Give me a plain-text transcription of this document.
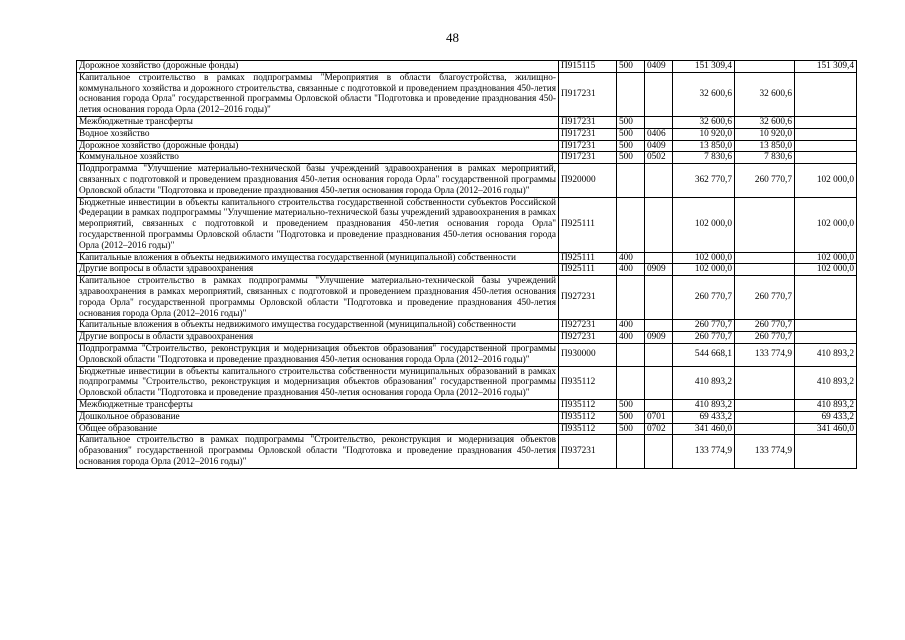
48
Дорожное хозяйство (дорожные фонды)	П915115	500	0409	151 309,4		151 309,4
Капитальное строительство в рамках подпрограммы "Мероприятия в области благоустройства, жилищно-коммунального хозяйства и дорожного строительства, связанные с подготовкой и проведением празднования 450-летия основания города Орла" государственной программы Орловской области "Подготовка и проведение празднования 450-летия основания города Орла (2012–2016 годы)"	П917231			32 600,6	32 600,6	
Межбюджетные трансферты	П917231	500		32 600,6	32 600,6	
Водное хозяйство	П917231	500	0406	10 920,0	10 920,0	
Дорожное хозяйство (дорожные фонды)	П917231	500	0409	13 850,0	13 850,0	
Коммунальное хозяйство	П917231	500	0502	7 830,6	7 830,6	
Подпрограмма "Улучшение материально-технической базы учреждений здравоохранения в рамках мероприятий, связанных с подготовкой и проведением празднования 450-летия основания города Орла" государственной программы Орловской области "Подготовка и проведение празднования 450-летия основания города Орла (2012–2016 годы)"	П920000			362 770,7	260 770,7	102 000,0
Бюджетные инвестиции в объекты капитального строительства государственной собственности субъектов Российской Федерации в рамках подпрограммы "Улучшение материально-технической базы учреждений здравоохранения в рамках мероприятий, связанных с подготовкой и проведением празднования 450-летия основания города Орла" государственной программы Орловской области "Подготовка и проведение празднования 450-летия основания города Орла (2012–2016 годы)"	П925111			102 000,0		102 000,0
Капитальные вложения в объекты недвижимого имущества государственной (муниципальной) собственности	П925111	400		102 000,0		102 000,0
Другие вопросы в области здравоохранения	П925111	400	0909	102 000,0		102 000,0
Капитальное строительство в рамках подпрограммы "Улучшение материально-технической базы учреждений здравоохранения в рамках мероприятий, связанных с подготовкой и проведением празднования 450-летия основания города Орла" государственной программы Орловской области "Подготовка и проведение празднования 450-летия основания города Орла (2012–2016 годы)"	П927231			260 770,7	260 770,7	
Капитальные вложения в объекты недвижимого имущества государственной (муниципальной) собственности	П927231	400		260 770,7	260 770,7	
Другие вопросы в области здравоохранения	П927231	400	0909	260 770,7	260 770,7	
Подпрограмма "Строительство, реконструкция и модернизация объектов образования" государственной программы Орловской области "Подготовка и проведение празднования 450-летия основания города Орла (2012–2016 годы)"	П930000			544 668,1	133 774,9	410 893,2
Бюджетные инвестиции в объекты капитального строительства собственности муниципальных образований в рамках подпрограммы "Строительство, реконструкция и модернизация объектов образования" государственной программы Орловской области "Подготовка и проведение празднования 450-летия основания города Орла (2012–2016 годы)"	П935112			410 893,2		410 893,2
Межбюджетные трансферты	П935112	500		410 893,2		410 893,2
Дошкольное образование	П935112	500	0701	69 433,2		69 433,2
Общее образование	П935112	500	0702	341 460,0		341 460,0
Капитальное строительство в рамках подпрограммы "Строительство, реконструкция и модернизация объектов образования" государственной программы Орловской области "Подготовка и проведение празднования 450-летия основания города Орла (2012–2016 годы)"	П937231			133 774,9	133 774,9	
